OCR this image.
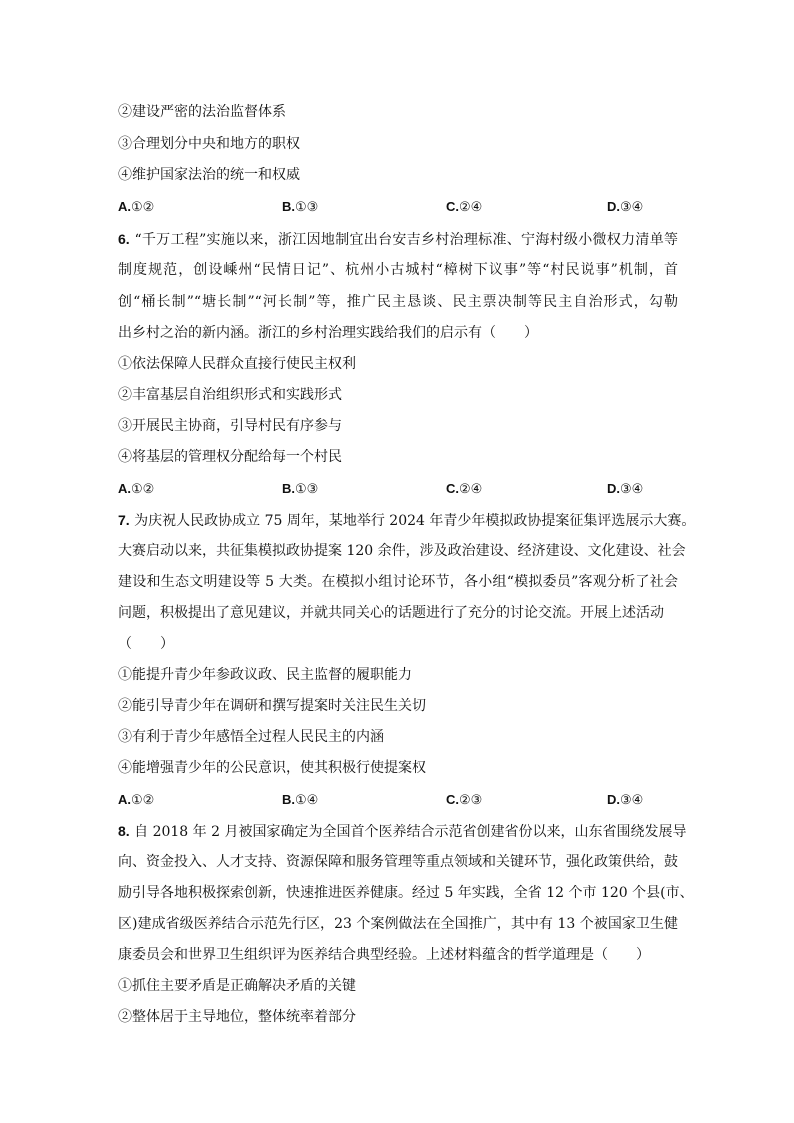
②建设严密的法治监督体系
③合理划分中央和地方的职权
④维护国家法治的统一和权威
A.①②	B.①③	C.②④	D.③④
6. “千万工程”实施以来，浙江因地制宜出台安吉乡村治理标准、宁海村级小微权力清单等
制度规范，创设嵊州“民情日记”、杭州小古城村“樟树下议事”等“村民说事”机制，首
创“桶长制”“塘长制”“河长制”等，推广民主恳谈、民主票决制等民主自治形式，勾勒
出乡村之治的新内涵。浙江的乡村治理实践给我们的启示有（　　）
①依法保障人民群众直接行使民主权利
②丰富基层自治组织形式和实践形式
③开展民主协商，引导村民有序参与
④将基层的管理权分配给每一个村民
A.①②	B.①③	C.②④	D.③④
7. 为庆祝人民政协成立 75 周年，某地举行 2024 年青少年模拟政协提案征集评选展示大赛。
大赛启动以来，共征集模拟政协提案 120 余件，涉及政治建设、经济建设、文化建设、社会
建设和生态文明建设等 5 大类。在模拟小组讨论环节，各小组“模拟委员”客观分析了社会
问题，积极提出了意见建议，并就共同关心的话题进行了充分的讨论交流。开展上述活动
（　　）
①能提升青少年参政议政、民主监督的履职能力
②能引导青少年在调研和撰写提案时关注民生关切
③有利于青少年感悟全过程人民民主的内涵
④能增强青少年的公民意识，使其积极行使提案权
A.①②	B.①④	C.②③	D.③④
8. 自 2018 年 2 月被国家确定为全国首个医养结合示范省创建省份以来，山东省围绕发展导
向、资金投入、人才支持、资源保障和服务管理等重点领域和关键环节，强化政策供给，鼓
励引导各地积极探索创新，快速推进医养健康。经过 5 年实践，全省 12 个市 120 个县(市、
区)建成省级医养结合示范先行区，23 个案例做法在全国推广，其中有 13 个被国家卫生健
康委员会和世界卫生组织评为医养结合典型经验。上述材料蕴含的哲学道理是（　　）
①抓住主要矛盾是正确解决矛盾的关键
②整体居于主导地位，整体统率着部分
